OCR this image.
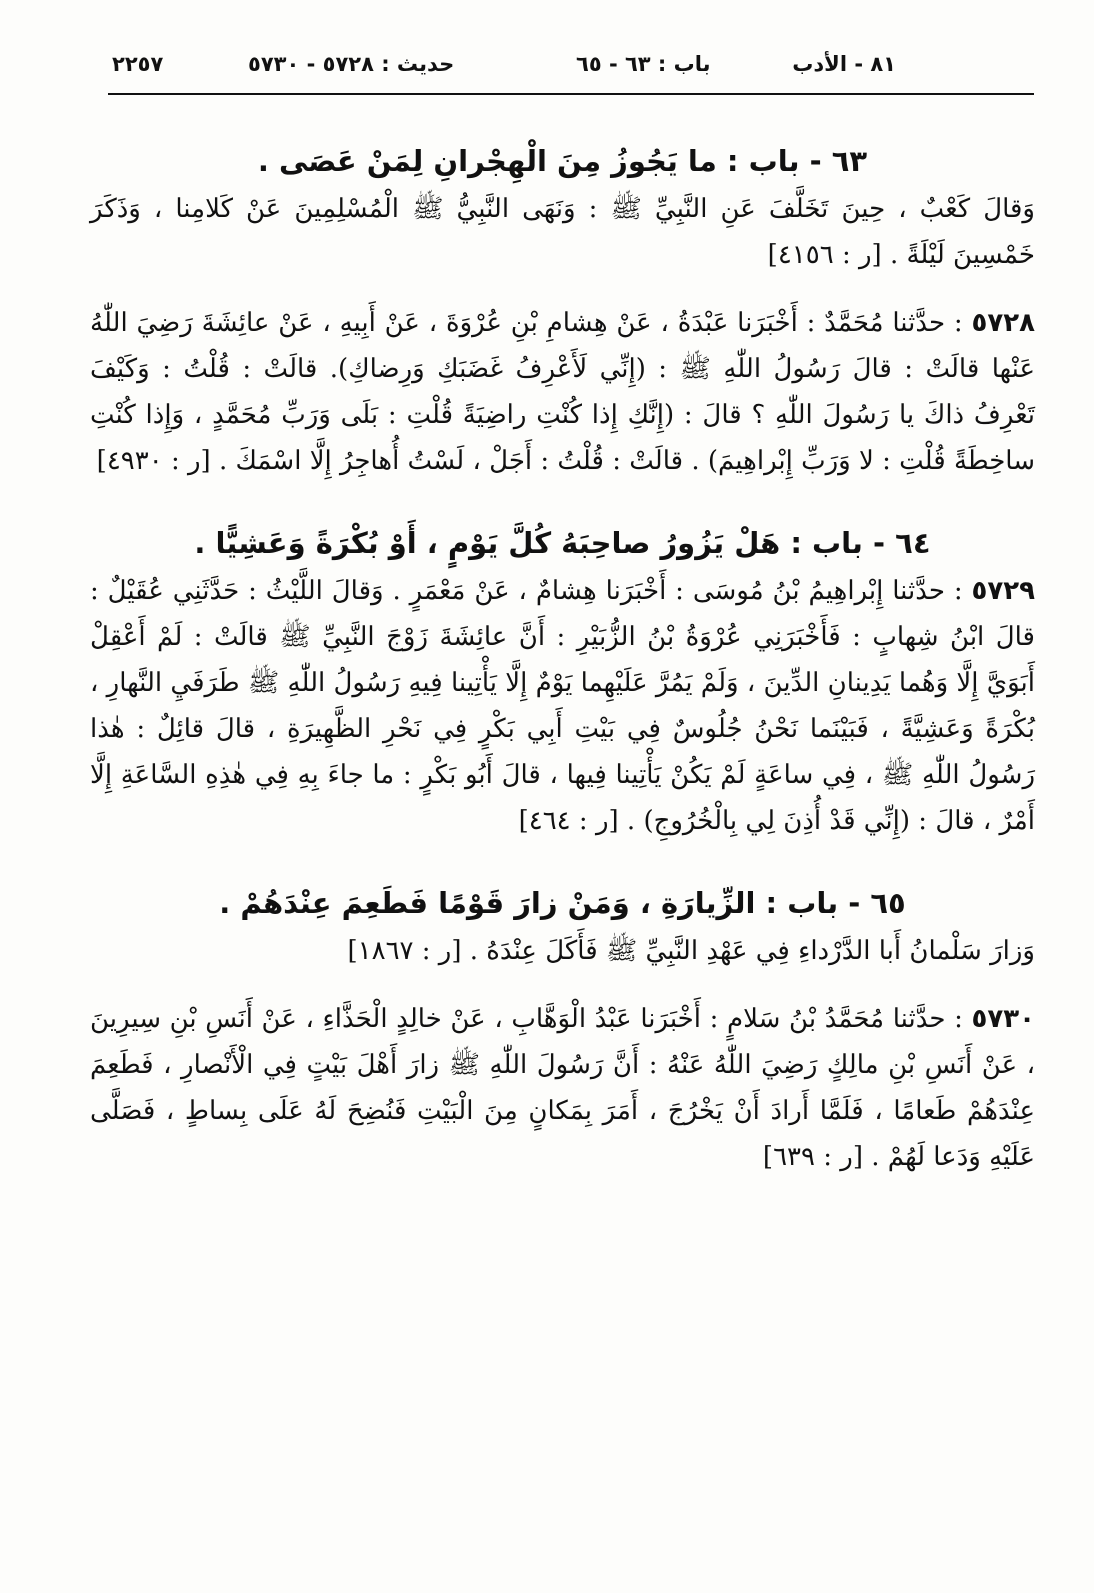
٢٢٥٧	حديث : ٥٧٢٨ - ٥٧٣٠	باب : ٦٣ - ٦٥	٨١ - الأدب
٦٣ - باب : ما يَجُوزُ مِنَ الْهِجْرانِ لِمَنْ عَصَى .

وَقالَ كَعْبٌ ، حِينَ تَخَلَّفَ عَنِ النَّبِيِّ ﷺ : وَنَهَى النَّبِيُّ ﷺ الْمُسْلِمِينَ عَنْ كَلامِنا ، وَذَكَرَ خَمْسِينَ لَيْلَةً . [ر : ٤١٥٦]

٥٧٢٨ : حدَّثنا مُحَمَّدٌ : أَخْبَرَنا عَبْدَةُ ، عَنْ هِشامِ بْنِ عُرْوَةَ ، عَنْ أَبِيهِ ، عَنْ عائِشَةَ رَضِيَ اللّٰهُ عَنْها قالَتْ : قالَ رَسُولُ اللّٰهِ ﷺ : (إِنِّي لَأَعْرِفُ غَضَبَكِ وَرِضاكِ). قالَتْ : قُلْتُ : وَكَيْفَ تَعْرِفُ ذاكَ يا رَسُولَ اللّٰهِ ؟ قالَ : (إِنَّكِ إِذا كُنْتِ راضِيَةً قُلْتِ : بَلَى وَرَبِّ مُحَمَّدٍ ، وَإِذا كُنْتِ ساخِطَةً قُلْتِ : لا وَرَبِّ إِبْراهِيمَ) . قالَتْ : قُلْتُ : أَجَلْ ، لَسْتُ أُهاجِرُ إِلَّا اسْمَكَ . [ر : ٤٩٣٠]

٦٤ - باب : هَلْ يَزُورُ صاحِبَهُ كُلَّ يَوْمٍ ، أَوْ بُكْرَةً وَعَشِيًّا .

٥٧٢٩ : حدَّثنا إِبْراهِيمُ بْنُ مُوسَى : أَخْبَرَنا هِشامٌ ، عَنْ مَعْمَرٍ . وَقالَ اللَّيْثُ : حَدَّثَنِي عُقَيْلٌ : قالَ ابْنُ شِهابٍ : فَأَخْبَرَنِي عُرْوَةُ بْنُ الزُّبَيْرِ : أَنَّ عائِشَةَ زَوْجَ النَّبِيِّ ﷺ قالَتْ : لَمْ أَعْقِلْ أَبَوَيَّ إِلَّا وَهُما يَدِينانِ الدِّينَ ، وَلَمْ يَمُرَّ عَلَيْهِما يَوْمٌ إِلَّا يَأْتِينا فِيهِ رَسُولُ اللّٰهِ ﷺ طَرَفَيِ النَّهارِ ، بُكْرَةً وَعَشِيَّةً ، فَبَيْنَما نَحْنُ جُلُوسٌ فِي بَيْتِ أَبِي بَكْرٍ فِي نَحْرِ الظَّهِيرَةِ ، قالَ قائِلٌ : هٰذا رَسُولُ اللّٰهِ ﷺ ، فِي ساعَةٍ لَمْ يَكُنْ يَأْتِينا فِيها ، قالَ أَبُو بَكْرٍ : ما جاءَ بِهِ فِي هٰذِهِ السَّاعَةِ إِلَّا أَمْرٌ ، قالَ : (إِنِّي قَدْ أُذِنَ لِي بِالْخُرُوجِ) . [ر : ٤٦٤]

٦٥ - باب : الزِّيارَةِ ، وَمَنْ زارَ قَوْمًا فَطَعِمَ عِنْدَهُمْ .

وَزارَ سَلْمانُ أَبا الدَّرْداءِ فِي عَهْدِ النَّبِيِّ ﷺ فَأَكَلَ عِنْدَهُ . [ر : ١٨٦٧]

٥٧٣٠ : حدَّثنا مُحَمَّدُ بْنُ سَلامٍ : أَخْبَرَنا عَبْدُ الْوَهَّابِ ، عَنْ خالِدٍ الْحَذَّاءِ ، عَنْ أَنَسِ بْنِ سِيرِينَ ، عَنْ أَنَسِ بْنِ مالِكٍ رَضِيَ اللّٰهُ عَنْهُ : أَنَّ رَسُولَ اللّٰهِ ﷺ زارَ أَهْلَ بَيْتٍ فِي الْأَنْصارِ ، فَطَعِمَ عِنْدَهُمْ طَعامًا ، فَلَمَّا أَرادَ أَنْ يَخْرُجَ ، أَمَرَ بِمَكانٍ مِنَ الْبَيْتِ فَنُضِحَ لَهُ عَلَى بِساطٍ ، فَصَلَّى عَلَيْهِ وَدَعا لَهُمْ . [ر : ٦٣٩]
